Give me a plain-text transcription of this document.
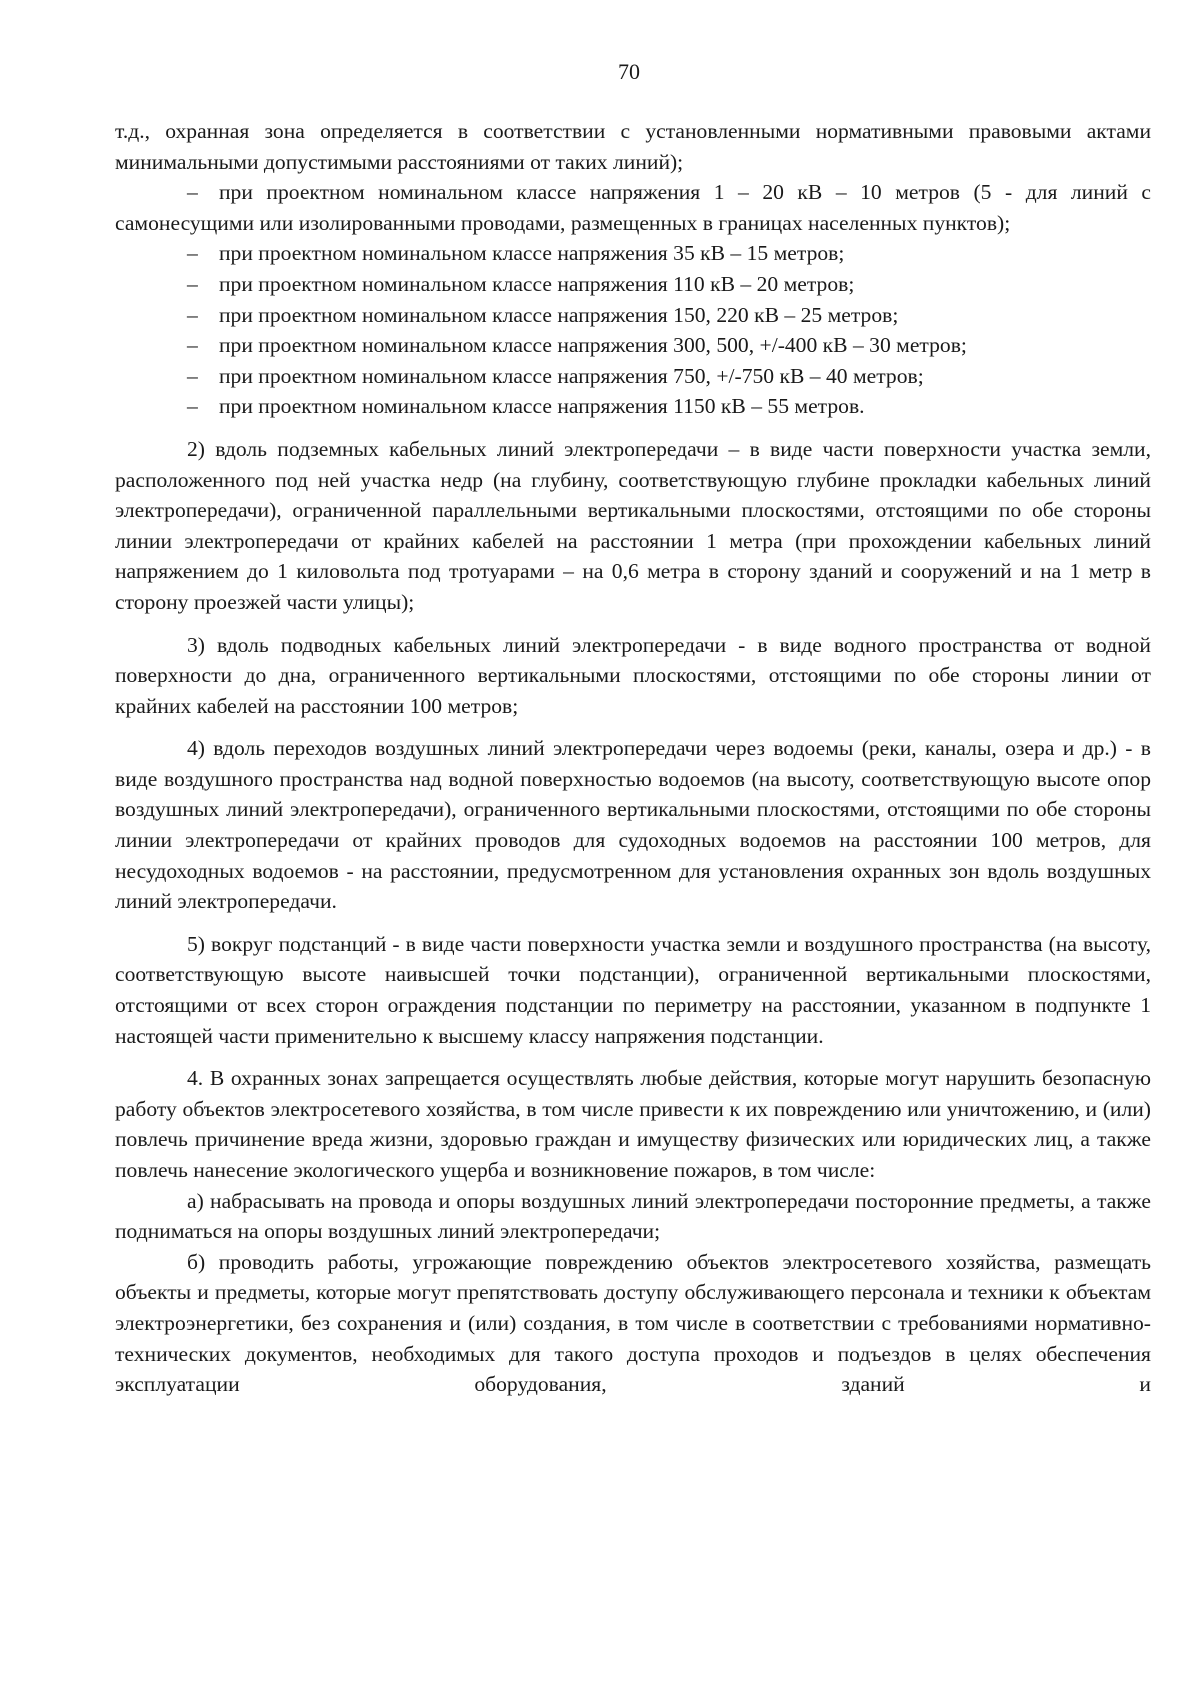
70

т.д., охранная зона определяется в соответствии с установленными нормативными правовыми актами минимальными допустимыми расстояниями от таких линий);

– при проектном номинальном классе напряжения 1 – 20 кВ – 10 метров (5 - для линий с самонесущими или изолированными проводами, размещенных в границах населенных пунктов);
– при проектном номинальном классе напряжения 35 кВ – 15 метров;
– при проектном номинальном классе напряжения 110 кВ – 20 метров;
– при проектном номинальном классе напряжения 150, 220 кВ – 25 метров;
– при проектном номинальном классе напряжения 300, 500, +/-400 кВ – 30 метров;
– при проектном номинальном классе напряжения 750, +/-750 кВ – 40 метров;
– при проектном номинальном классе напряжения 1150 кВ – 55 метров.

2) вдоль подземных кабельных линий электропередачи – в виде части поверхности участка земли, расположенного под ней участка недр (на глубину, соответствующую глубине прокладки кабельных линий электропередачи), ограниченной параллельными вертикальными плоскостями, отстоящими по обе стороны линии электропередачи от крайних кабелей на расстоянии 1 метра (при прохождении кабельных линий напряжением до 1 киловольта под тротуарами – на 0,6 метра в сторону зданий и сооружений и на 1 метр в сторону проезжей части улицы);

3) вдоль подводных кабельных линий электропередачи - в виде водного пространства от водной поверхности до дна, ограниченного вертикальными плоскостями, отстоящими по обе стороны линии от крайних кабелей на расстоянии 100 метров;

4) вдоль переходов воздушных линий электропередачи через водоемы (реки, каналы, озера и др.) - в виде воздушного пространства над водной поверхностью водоемов (на высоту, соответствующую высоте опор воздушных линий электропередачи), ограниченного вертикальными плоскостями, отстоящими по обе стороны линии электропередачи от крайних проводов для судоходных водоемов на расстоянии 100 метров, для несудоходных водоемов - на расстоянии, предусмотренном для установления охранных зон вдоль воздушных линий электропередачи.

5) вокруг подстанций - в виде части поверхности участка земли и воздушного пространства (на высоту, соответствующую высоте наивысшей точки подстанции), ограниченной вертикальными плоскостями, отстоящими от всех сторон ограждения подстанции по периметру на расстоянии, указанном в подпункте 1 настоящей части применительно к высшему классу напряжения подстанции.

4. В охранных зонах запрещается осуществлять любые действия, которые могут нарушить безопасную работу объектов электросетевого хозяйства, в том числе привести к их повреждению или уничтожению, и (или) повлечь причинение вреда жизни, здоровью граждан и имуществу физических или юридических лиц, а также повлечь нанесение экологического ущерба и возникновение пожаров, в том числе:

а) набрасывать на провода и опоры воздушных линий электропередачи посторонние предметы, а также подниматься на опоры воздушных линий электропередачи;

б) проводить работы, угрожающие повреждению объектов электросетевого хозяйства, размещать объекты и предметы, которые могут препятствовать доступу обслуживающего персонала и техники к объектам электроэнергетики, без сохранения и (или) создания, в том числе в соответствии с требованиями нормативно-технических документов, необходимых для такого доступа проходов и подъездов в целях обеспечения эксплуатации оборудования, зданий и
